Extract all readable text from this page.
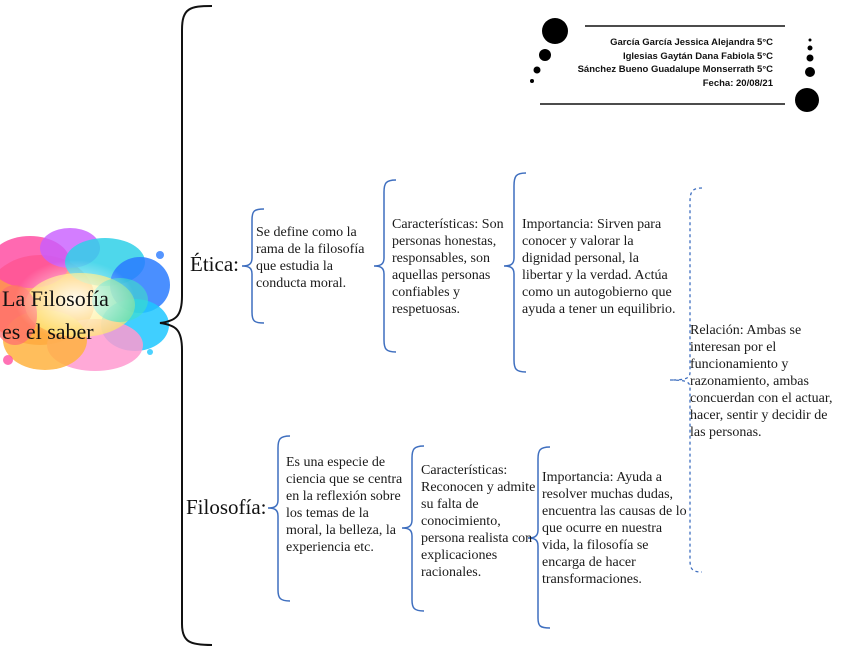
García García Jessica Alejandra 5°C
Iglesias Gaytán Dana Fabiola 5°C
Sánchez Bueno Guadalupe Monserrath 5°C
Fecha: 20/08/21
La Filosofía
es el saber
Ética:
Se define como la rama de la filosofía que estudia la conducta moral.
Características: Son personas honestas, responsables, son aquellas personas confiables y respetuosas.
Importancia: Sirven para conocer y valorar la dignidad personal, la libertar y la verdad. Actúa como un autogobierno que ayuda a tener un equilibrio.
Filosofía:
Es una especie de ciencia que se centra en la reflexión sobre los temas de la moral, la belleza, la experiencia etc.
Características: Reconocen y admite su falta de conocimiento, persona realista con explicaciones racionales.
Importancia: Ayuda a resolver muchas dudas, encuentra las causas de lo que ocurre en nuestra vida, la filosofía se encarga de hacer transformaciones.
Relación: Ambas se interesan por el funcionamiento y razonamiento, ambas concuerdan con el actuar, hacer, sentir y decidir de las personas.
